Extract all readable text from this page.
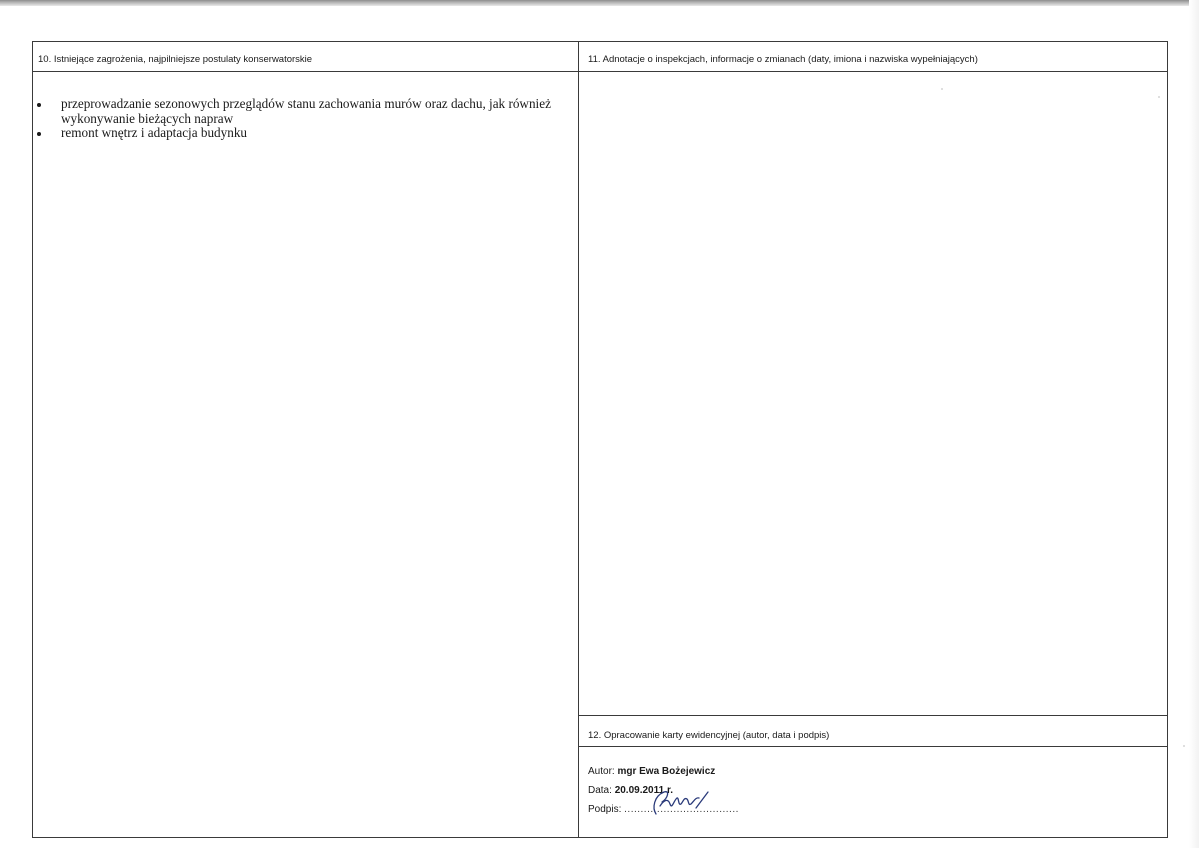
10. Istniejące zagrożenia, najpilniejsze postulaty konserwatorskie
przeprowadzanie sezonowych przeglądów stanu zachowania murów oraz dachu, jak również wykonywanie bieżących napraw
remont wnętrz i adaptacja budynku
11. Adnotacje o inspekcjach, informacje o zmianach (daty, imiona i nazwiska wypełniających)
12. Opracowanie karty ewidencyjnej (autor, data i podpis)
Autor: mgr Ewa Bożejewicz
Data: 20.09.2011 r.
Podpis: ...................................
